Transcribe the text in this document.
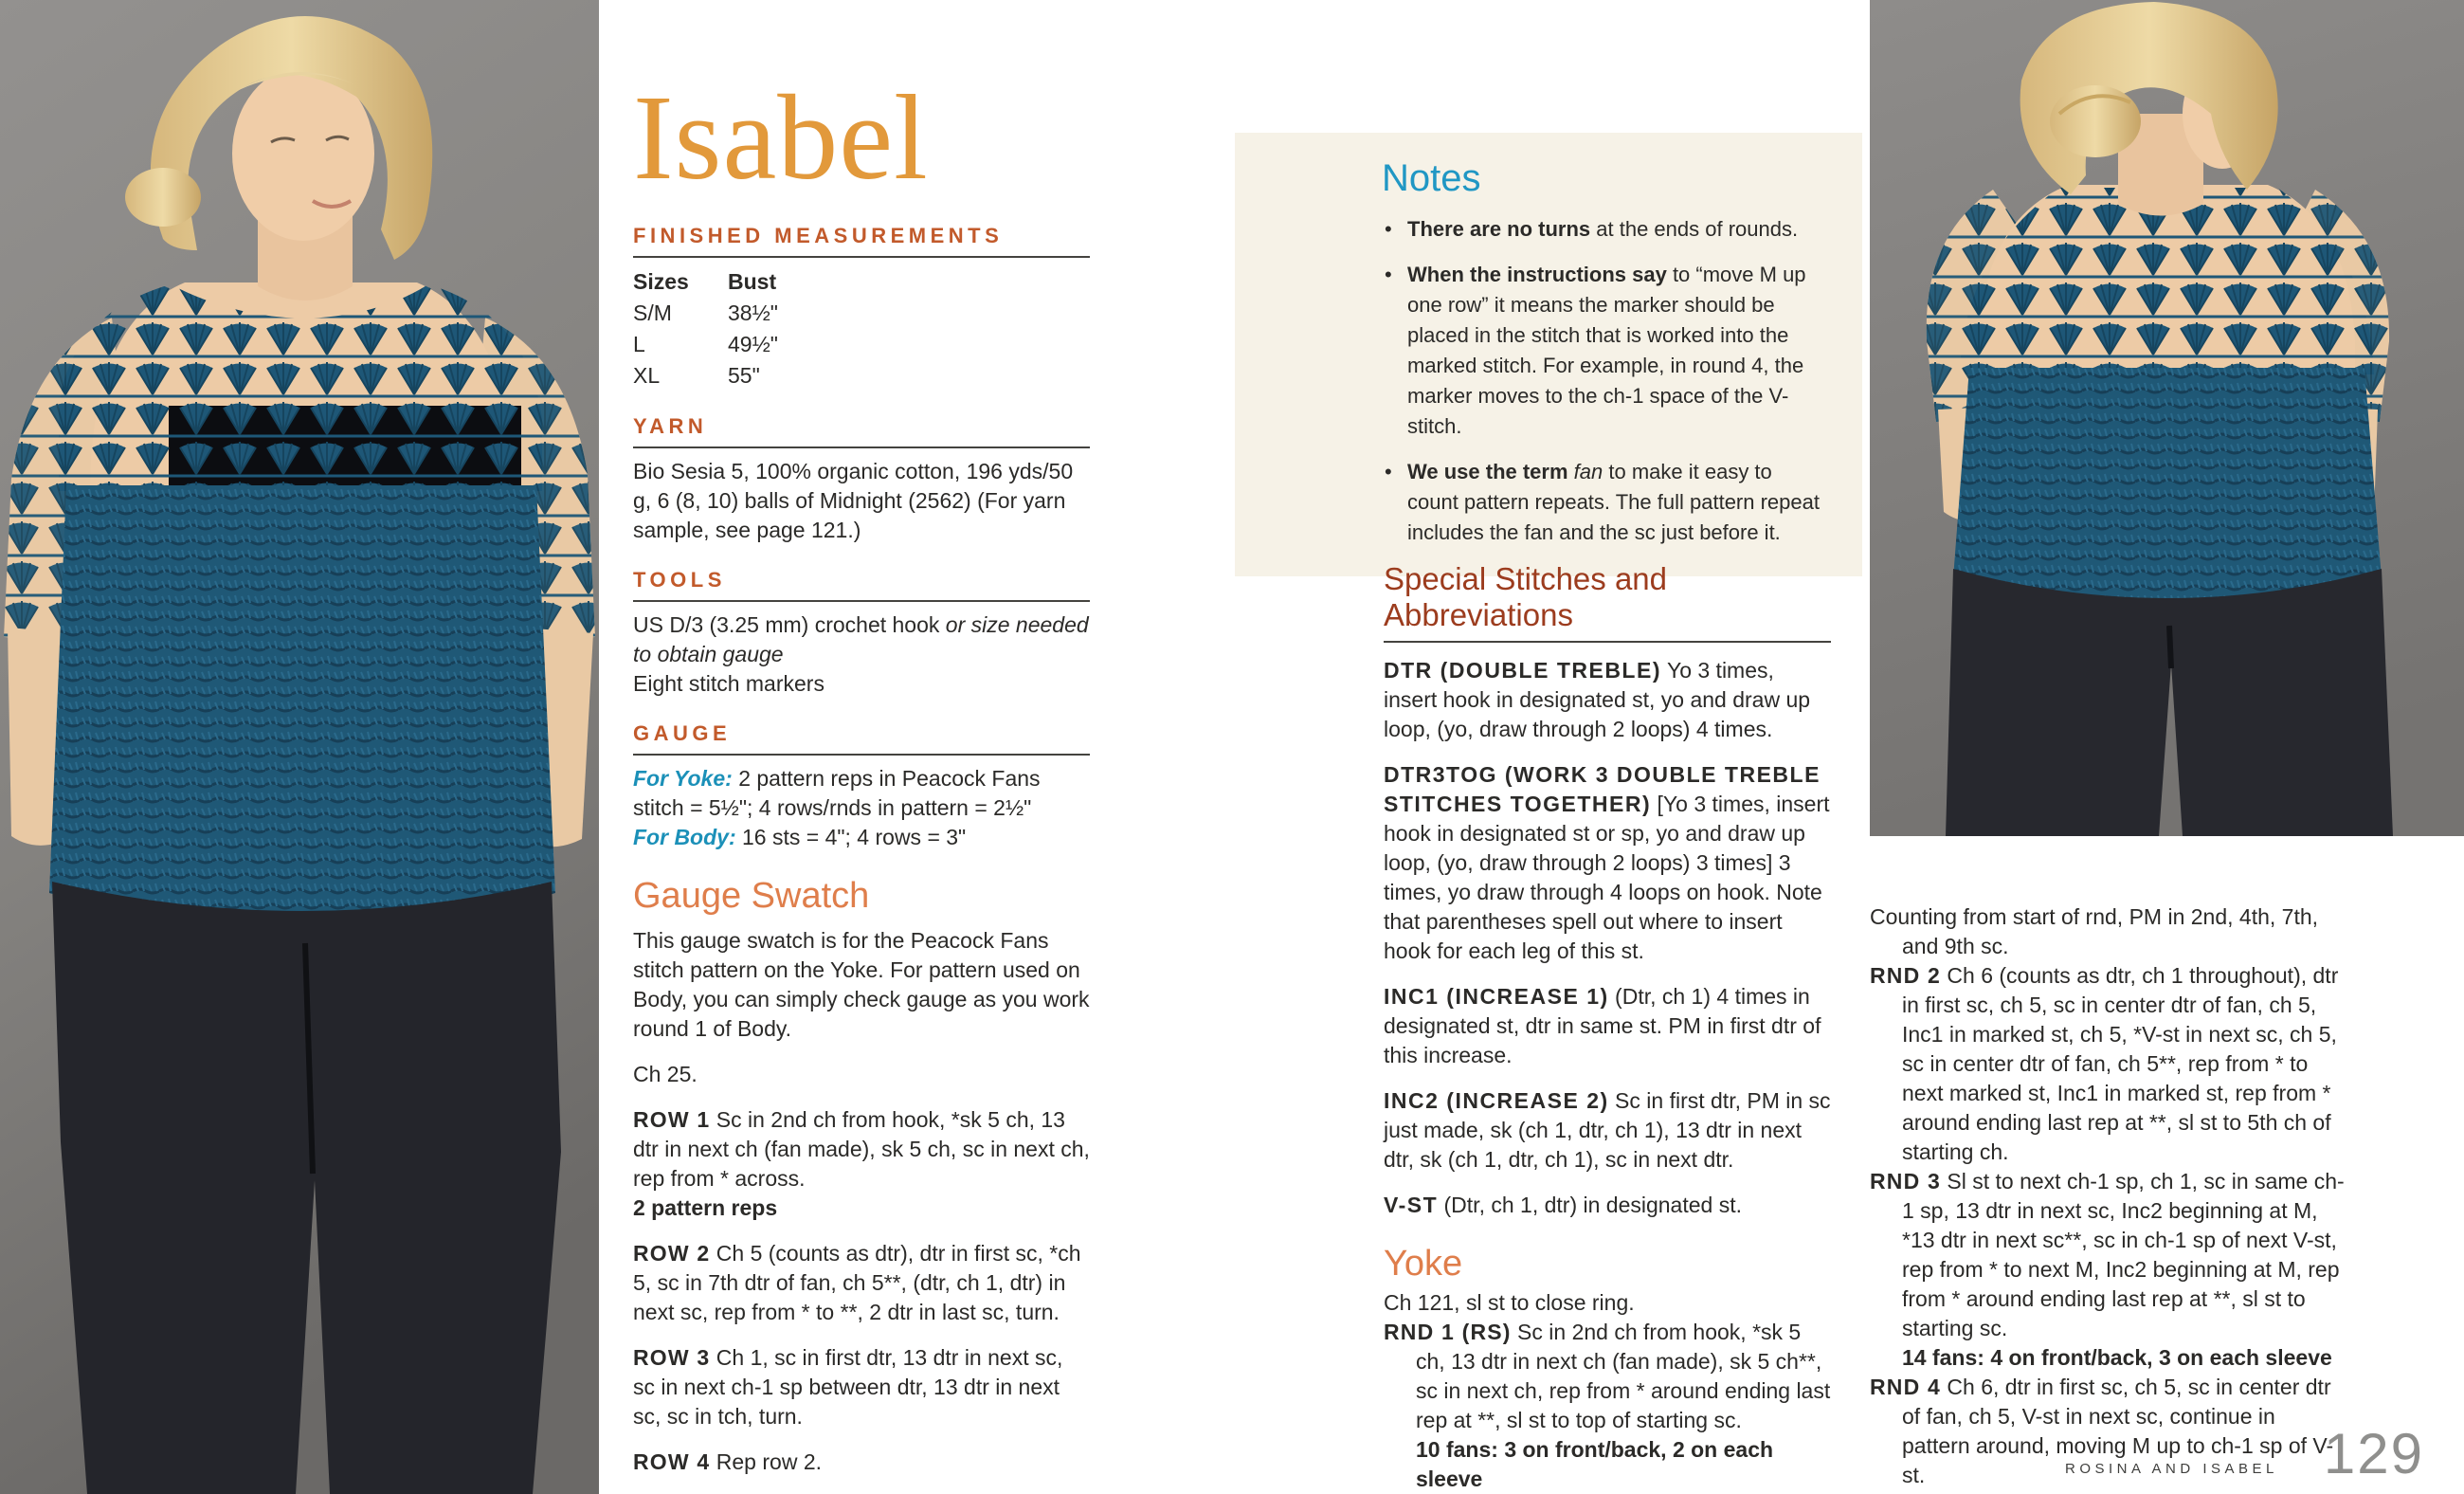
Isabel
FINISHED MEASUREMENTS
Sizes	Bust
S/M	38½"
L	49½"
XL	55"
YARN

Bio Sesia 5, 100% organic cotton, 196 yds/50 g, 6 (8, 10) balls of Midnight (2562) (For yarn sample, see page 121.)

TOOLS

US D/3 (3.25 mm) crochet hook or size needed to obtain gauge

Eight stitch markers

GAUGE

For Yoke: 2 pattern reps in Peacock Fans stitch = 5½"; 4 rows/rnds in pattern = 2½"

For Body: 16 sts = 4"; 4 rows = 3"

Gauge Swatch

This gauge swatch is for the Peacock Fans stitch pattern on the Yoke. For pattern used on Body, you can simply check gauge as you work round 1 of Body.

Ch 25.

ROW 1 Sc in 2nd ch from hook, *sk 5 ch, 13 dtr in next ch (fan made), sk 5 ch, sc in next ch, rep from * across.
2 pattern reps
ROW 2 Ch 5 (counts as dtr), dtr in first sc, *ch 5, sc in 7th dtr of fan, ch 5**, (dtr, ch 1, dtr) in next sc, rep from * to **, 2 dtr in last sc, turn.
ROW 3 Ch 1, sc in first dtr, 13 dtr in next sc, sc in next ch-1 sp between dtr, 13 dtr in next sc, sc in tch, turn.
ROW 4 Rep row 2.
Notes
• There are no turns at the ends of rounds.
• When the instructions say to “move M up one row” it means the marker should be placed in the stitch that is worked into the marked stitch. For example, in round 4, the marker moves to the ch-1 space of the V-stitch.
• We use the term fan to make it easy to count pattern repeats. The full pattern repeat includes the fan and the sc just before it.
Special Stitches and Abbreviations
DTR (DOUBLE TREBLE) Yo 3 times, insert hook in designated st, yo and draw up loop, (yo, draw through 2 loops) 4 times.
DTR3TOG (WORK 3 DOUBLE TREBLE STITCHES TOGETHER) [Yo 3 times, insert hook in designated st or sp, yo and draw up loop, (yo, draw through 2 loops) 3 times] 3 times, yo draw through 4 loops on hook. Note that parentheses spell out where to insert hook for each leg of this st.
INC1 (INCREASE 1) (Dtr, ch 1) 4 times in designated st, dtr in same st. PM in first dtr of this increase.
INC2 (INCREASE 2) Sc in first dtr, PM in sc just made, sk (ch 1, dtr, ch 1), 13 dtr in next dtr, sk (ch 1, dtr, ch 1), sc in next dtr.
V-ST (Dtr, ch 1, dtr) in designated st.
Yoke

Ch 121, sl st to close ring.

RND 1 (RS) Sc in 2nd ch from hook, *sk 5 ch, 13 dtr in next ch (fan made), sk 5 ch**, sc in next ch, rep from * around ending last rep at **, sl st to top of starting sc.
10 fans: 3 on front/back, 2 on each sleeve
Counting from start of rnd, PM in 2nd, 4th, 7th, and 9th sc.
RND 2 Ch 6 (counts as dtr, ch 1 throughout), dtr in first sc, ch 5, sc in center dtr of fan, ch 5, Inc1 in marked st, ch 5, *V-st in next sc, ch 5, sc in center dtr of fan, ch 5**, rep from * to next marked st, Inc1 in marked st, rep from * around ending last rep at **, sl st to 5th ch of starting ch.
RND 3 Sl st to next ch-1 sp, ch 1, sc in same ch-1 sp, 13 dtr in next sc, Inc2 beginning at M, *13 dtr in next sc**, sc in ch-1 sp of next V-st, rep from * to next M, Inc2 beginning at M, rep from * around ending last rep at **, sl st to starting sc.
14 fans: 4 on front/back, 3 on each sleeve
RND 4 Ch 6, dtr in first sc, ch 5, sc in center dtr of fan, ch 5, V-st in next sc, continue in pattern around, moving M up to ch-1 sp of V-st.	ROSINA AND ISABEL 129
